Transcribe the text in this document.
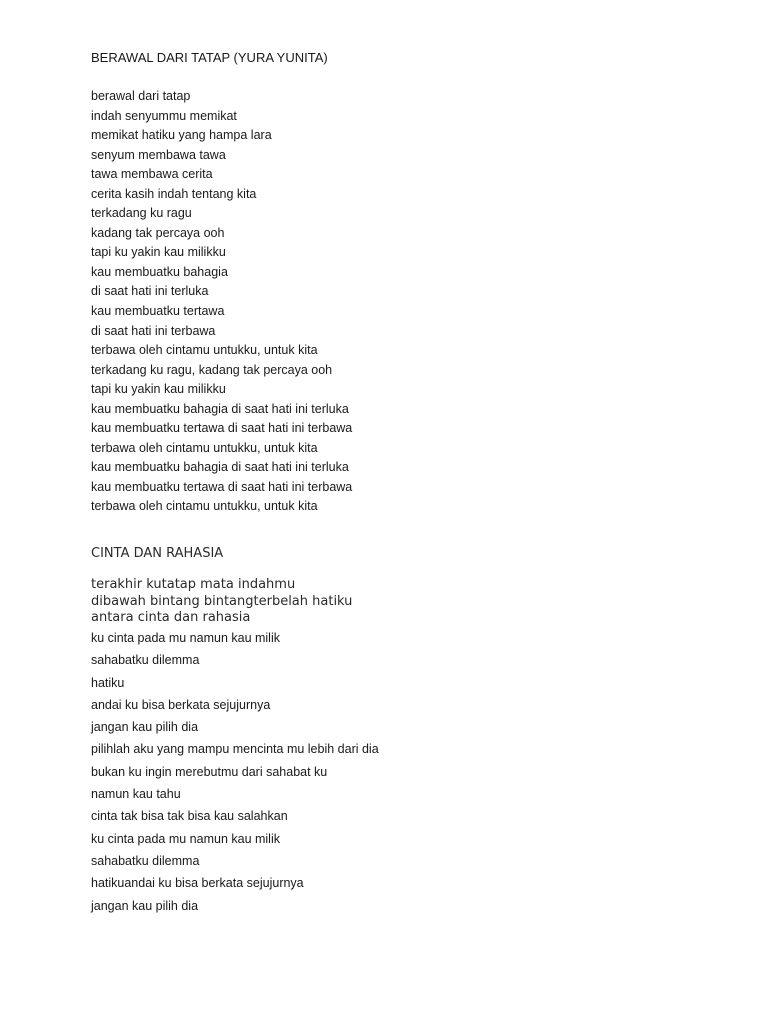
BERAWAL DARI TATAP (YURA YUNITA)
berawal dari tatap
indah senyummu memikat
memikat hatiku yang hampa lara
senyum membawa tawa
tawa membawa cerita
cerita kasih indah tentang kita
terkadang ku ragu
kadang tak percaya ooh
tapi ku yakin kau milikku
kau membuatku bahagia
di saat hati ini terluka
kau membuatku tertawa
di saat hati ini terbawa
terbawa oleh cintamu untukku, untuk kita
terkadang ku ragu, kadang tak percaya ooh
tapi ku yakin kau milikku
kau membuatku bahagia di saat hati ini terluka
kau membuatku tertawa di saat hati ini terbawa
terbawa oleh cintamu untukku, untuk kita
kau membuatku bahagia di saat hati ini terluka
kau membuatku tertawa di saat hati ini terbawa
terbawa oleh cintamu untukku, untuk kita
CINTA DAN RAHASIA
terakhir kutatap mata indahmu
dibawah bintang bintangterbelah hatiku
antara cinta dan rahasia
ku cinta pada mu namun kau milik
sahabatku dilemma
hatiku
andai ku bisa berkata sejujurnya
jangan kau pilih dia
pilihlah aku yang mampu mencinta mu lebih dari dia
bukan ku ingin merebutmu dari sahabat ku
namun kau tahu
cinta tak bisa tak bisa kau salahkan
ku cinta pada mu namun kau milik
sahabatku dilemma
hatikuandai ku bisa berkata sejujurnya
jangan kau pilih dia
